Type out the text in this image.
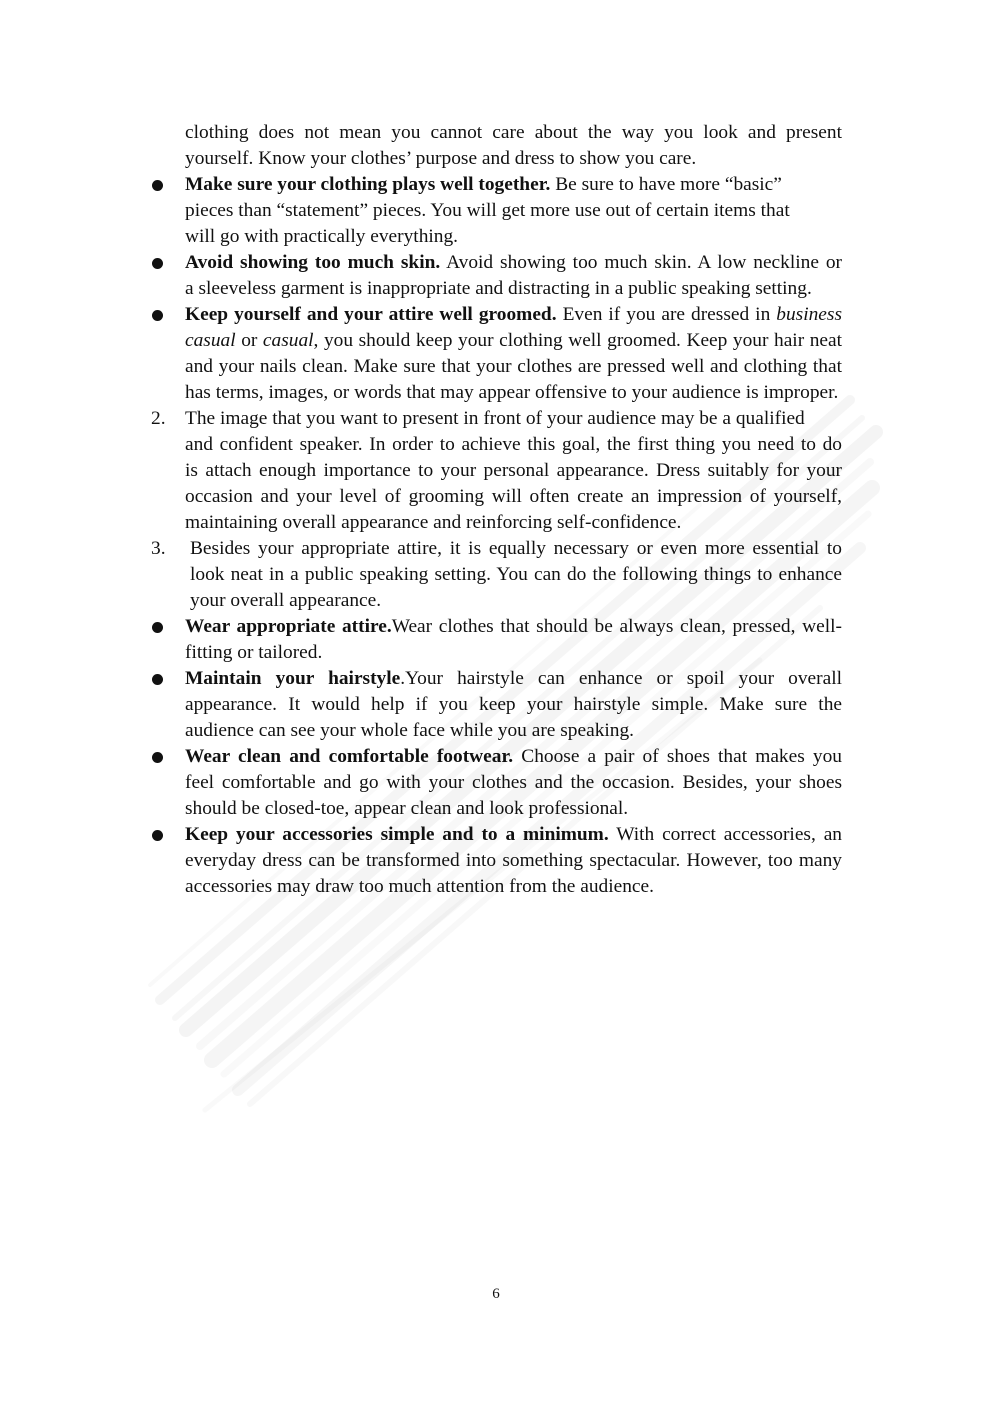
clothing does not mean you cannot care about the way you look and present
yourself. Know your clothes’ purpose and dress to show you care.
Make sure your clothing plays well together. Be sure to have more “basic”
pieces than “statement” pieces. You will get more use out of certain items that
will go with practically everything.
Avoid showing too much skin. Avoid showing too much skin. A low neckline or
a sleeveless garment is inappropriate and distracting in a public speaking setting.
Keep yourself and your attire well groomed. Even if you are dressed in business
casual or casual, you should keep your clothing well groomed. Keep your hair neat
and your nails clean. Make sure that your clothes are pressed well and clothing that
has terms, images, or words that may appear offensive to your audience is improper.
2. The image that you want to present in front of your audience may be a qualified
and confident speaker. In order to achieve this goal, the first thing you need to do
is attach enough importance to your personal appearance. Dress suitably for your
occasion and your level of grooming will often create an impression of yourself,
maintaining overall appearance and reinforcing self-confidence.
3. Besides your appropriate attire, it is equally necessary or even more essential to
look neat in a public speaking setting. You can do the following things to enhance
your overall appearance.
Wear appropriate attire.Wear clothes that should be always clean, pressed, well-
fitting or tailored.
Maintain your hairstyle.Your hairstyle can enhance or spoil your overall
appearance. It would help if you keep your hairstyle simple. Make sure the
audience can see your whole face while you are speaking.
Wear clean and comfortable footwear. Choose a pair of shoes that makes you
feel comfortable and go with your clothes and the occasion. Besides, your shoes
should be closed-toe, appear clean and look professional.
Keep your accessories simple and to a minimum. With correct accessories, an
everyday dress can be transformed into something spectacular. However, too many
accessories may draw too much attention from the audience.
6
